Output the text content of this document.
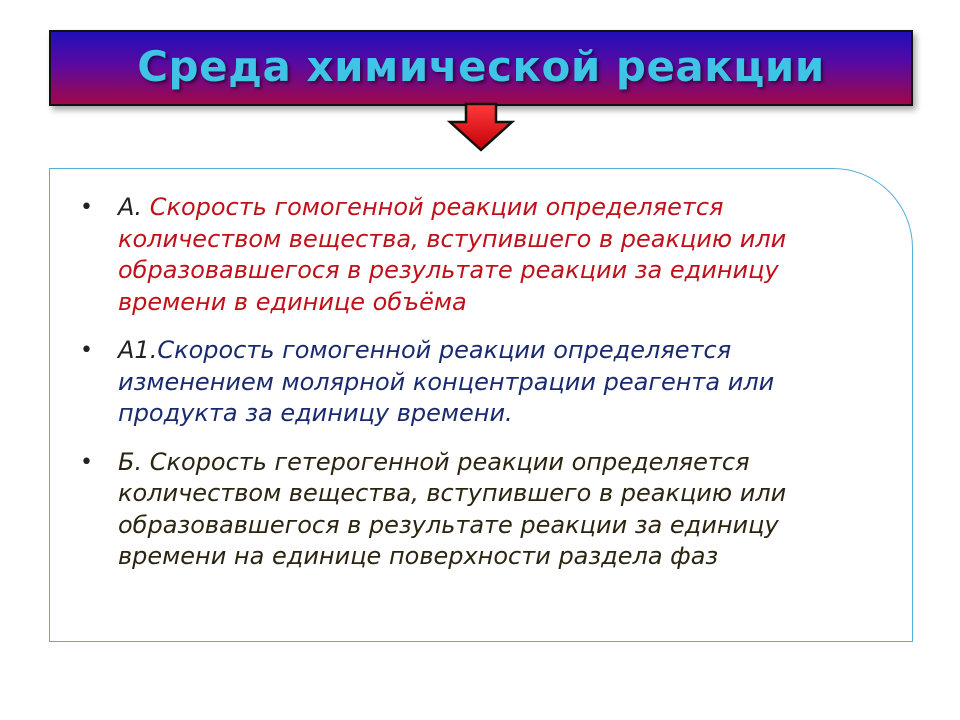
Среда химической реакции
• А. Скорость гомогенной реакции определяется количеством вещества, вступившего в реакцию или образовавшегося в результате реакции за единицу времени в единице объёма
• А1.Скорость гомогенной реакции определяется изменением молярной концентрации реагента или продукта за единицу времени.
• Б. Скорость гетерогенной реакции определяется количеством вещества, вступившего в реакцию или образовавшегося в результате реакции за единицу времени на единице поверхности раздела фаз
